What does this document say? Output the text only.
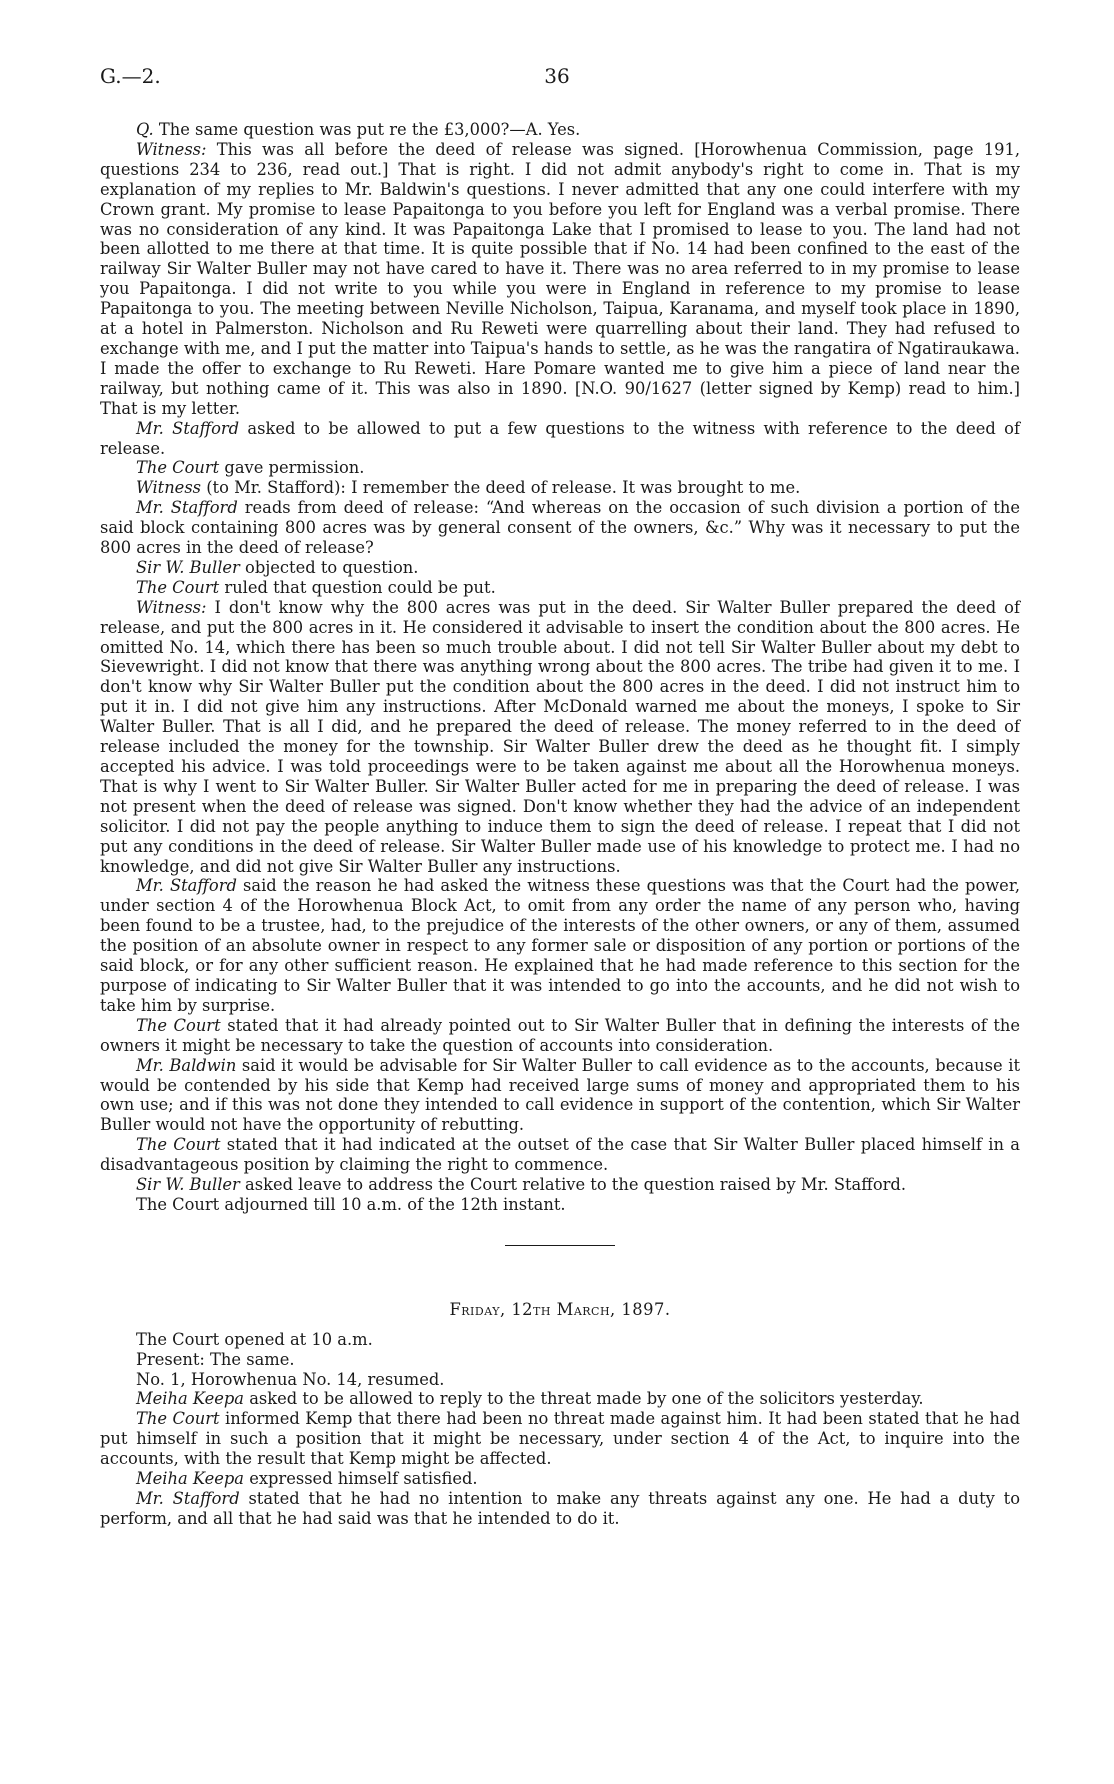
G.—2.	36

Q. The same question was put re the £3,000?—A. Yes.

Witness: This was all before the deed of release was signed. [Horowhenua Commission, page 191, questions 234 to 236, read out.] That is right. I did not admit anybody's right to come in. That is my explanation of my replies to Mr. Baldwin's questions. I never admitted that any one could interfere with my Crown grant. My promise to lease Papaitonga to you before you left for England was a verbal promise. There was no consideration of any kind. It was Papaitonga Lake that I promised to lease to you. The land had not been allotted to me there at that time. It is quite possible that if No. 14 had been confined to the east of the railway Sir Walter Buller may not have cared to have it. There was no area referred to in my promise to lease you Papaitonga. I did not write to you while you were in England in reference to my promise to lease Papaitonga to you. The meeting between Neville Nicholson, Taipua, Karanama, and myself took place in 1890, at a hotel in Palmerston. Nicholson and Ru Reweti were quarrelling about their land. They had refused to exchange with me, and I put the matter into Taipua's hands to settle, as he was the rangatira of Ngatiraukawa. I made the offer to exchange to Ru Reweti. Hare Pomare wanted me to give him a piece of land near the railway, but nothing came of it. This was also in 1890. [N.O. 90/1627 (letter signed by Kemp) read to him.] That is my letter.

Mr. Stafford asked to be allowed to put a few questions to the witness with reference to the deed of release.

The Court gave permission.

Witness (to Mr. Stafford): I remember the deed of release. It was brought to me.

Mr. Stafford reads from deed of release: “And whereas on the occasion of such division a portion of the said block containing 800 acres was by general consent of the owners, &c.” Why was it necessary to put the 800 acres in the deed of release?

Sir W. Buller objected to question.

The Court ruled that question could be put.

Witness: I don't know why the 800 acres was put in the deed. Sir Walter Buller prepared the deed of release, and put the 800 acres in it. He considered it advisable to insert the condition about the 800 acres. He omitted No. 14, which there has been so much trouble about. I did not tell Sir Walter Buller about my debt to Sievewright. I did not know that there was anything wrong about the 800 acres. The tribe had given it to me. I don't know why Sir Walter Buller put the condition about the 800 acres in the deed. I did not instruct him to put it in. I did not give him any instructions. After McDonald warned me about the moneys, I spoke to Sir Walter Buller. That is all I did, and he prepared the deed of release. The money referred to in the deed of release included the money for the township. Sir Walter Buller drew the deed as he thought fit. I simply accepted his advice. I was told proceedings were to be taken against me about all the Horowhenua moneys. That is why I went to Sir Walter Buller. Sir Walter Buller acted for me in preparing the deed of release. I was not present when the deed of release was signed. Don't know whether they had the advice of an independent solicitor. I did not pay the people anything to induce them to sign the deed of release. I repeat that I did not put any conditions in the deed of release. Sir Walter Buller made use of his knowledge to protect me. I had no knowledge, and did not give Sir Walter Buller any instructions.

Mr. Stafford said the reason he had asked the witness these questions was that the Court had the power, under section 4 of the Horowhenua Block Act, to omit from any order the name of any person who, having been found to be a trustee, had, to the prejudice of the interests of the other owners, or any of them, assumed the position of an absolute owner in respect to any former sale or disposition of any portion or portions of the said block, or for any other sufficient reason. He explained that he had made reference to this section for the purpose of indicating to Sir Walter Buller that it was intended to go into the accounts, and he did not wish to take him by surprise.

The Court stated that it had already pointed out to Sir Walter Buller that in defining the interests of the owners it might be necessary to take the question of accounts into consideration.

Mr. Baldwin said it would be advisable for Sir Walter Buller to call evidence as to the accounts, because it would be contended by his side that Kemp had received large sums of money and appropriated them to his own use; and if this was not done they intended to call evidence in support of the contention, which Sir Walter Buller would not have the opportunity of rebutting.

The Court stated that it had indicated at the outset of the case that Sir Walter Buller placed himself in a disadvantageous position by claiming the right to commence.

Sir W. Buller asked leave to address the Court relative to the question raised by Mr. Stafford.

The Court adjourned till 10 a.m. of the 12th instant.

Friday, 12th March, 1897.

The Court opened at 10 a.m.

Present: The same.

No. 1, Horowhenua No. 14, resumed.

Meiha Keepa asked to be allowed to reply to the threat made by one of the solicitors yesterday.

The Court informed Kemp that there had been no threat made against him. It had been stated that he had put himself in such a position that it might be necessary, under section 4 of the Act, to inquire into the accounts, with the result that Kemp might be affected.

Meiha Keepa expressed himself satisfied.

Mr. Stafford stated that he had no intention to make any threats against any one. He had a duty to perform, and all that he had said was that he intended to do it.
